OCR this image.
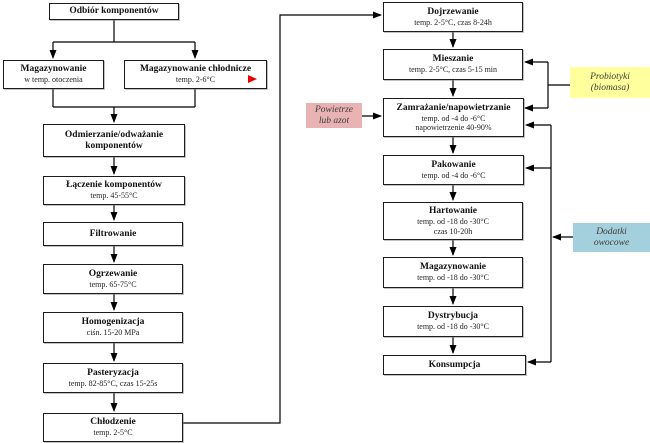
Odbiór komponentów
Magazynowanie
w temp. otoczenia
Magazynowanie chłodnicze
temp. 2-6°C
Odmierzanie/odważanie komponentów
Łączenie komponentów
temp. 45-55°C
Filtrowanie
Ogrzewanie
temp. 65-75°C
Homogenizacja
ciśn. 15-20 MPa
Pasteryzacja
temp. 82-85°C, czas 15-25s
Chłodzenie
temp. 2-5°C
Dojrzewanie
temp. 2-5°C, czas 8-24h
Mieszanie
temp. 2-5°C, czas 5-15 min
Zamrażanie/napowietrzanie
temp. od -4 do -6°C
napowietrzenie 40-90%
Pakowanie
temp. od -4 do -6°C
Hartowanie
temp. od -18 do -30°C
czas 10-20h
Magazynowanie
temp. od -18 do -30°C
Dystrybucja
temp. od -18 do -30°C
Konsumpcja
Powietrze
lub azot
Probiotyki
(biomasa)
Dodatki
owocowe
